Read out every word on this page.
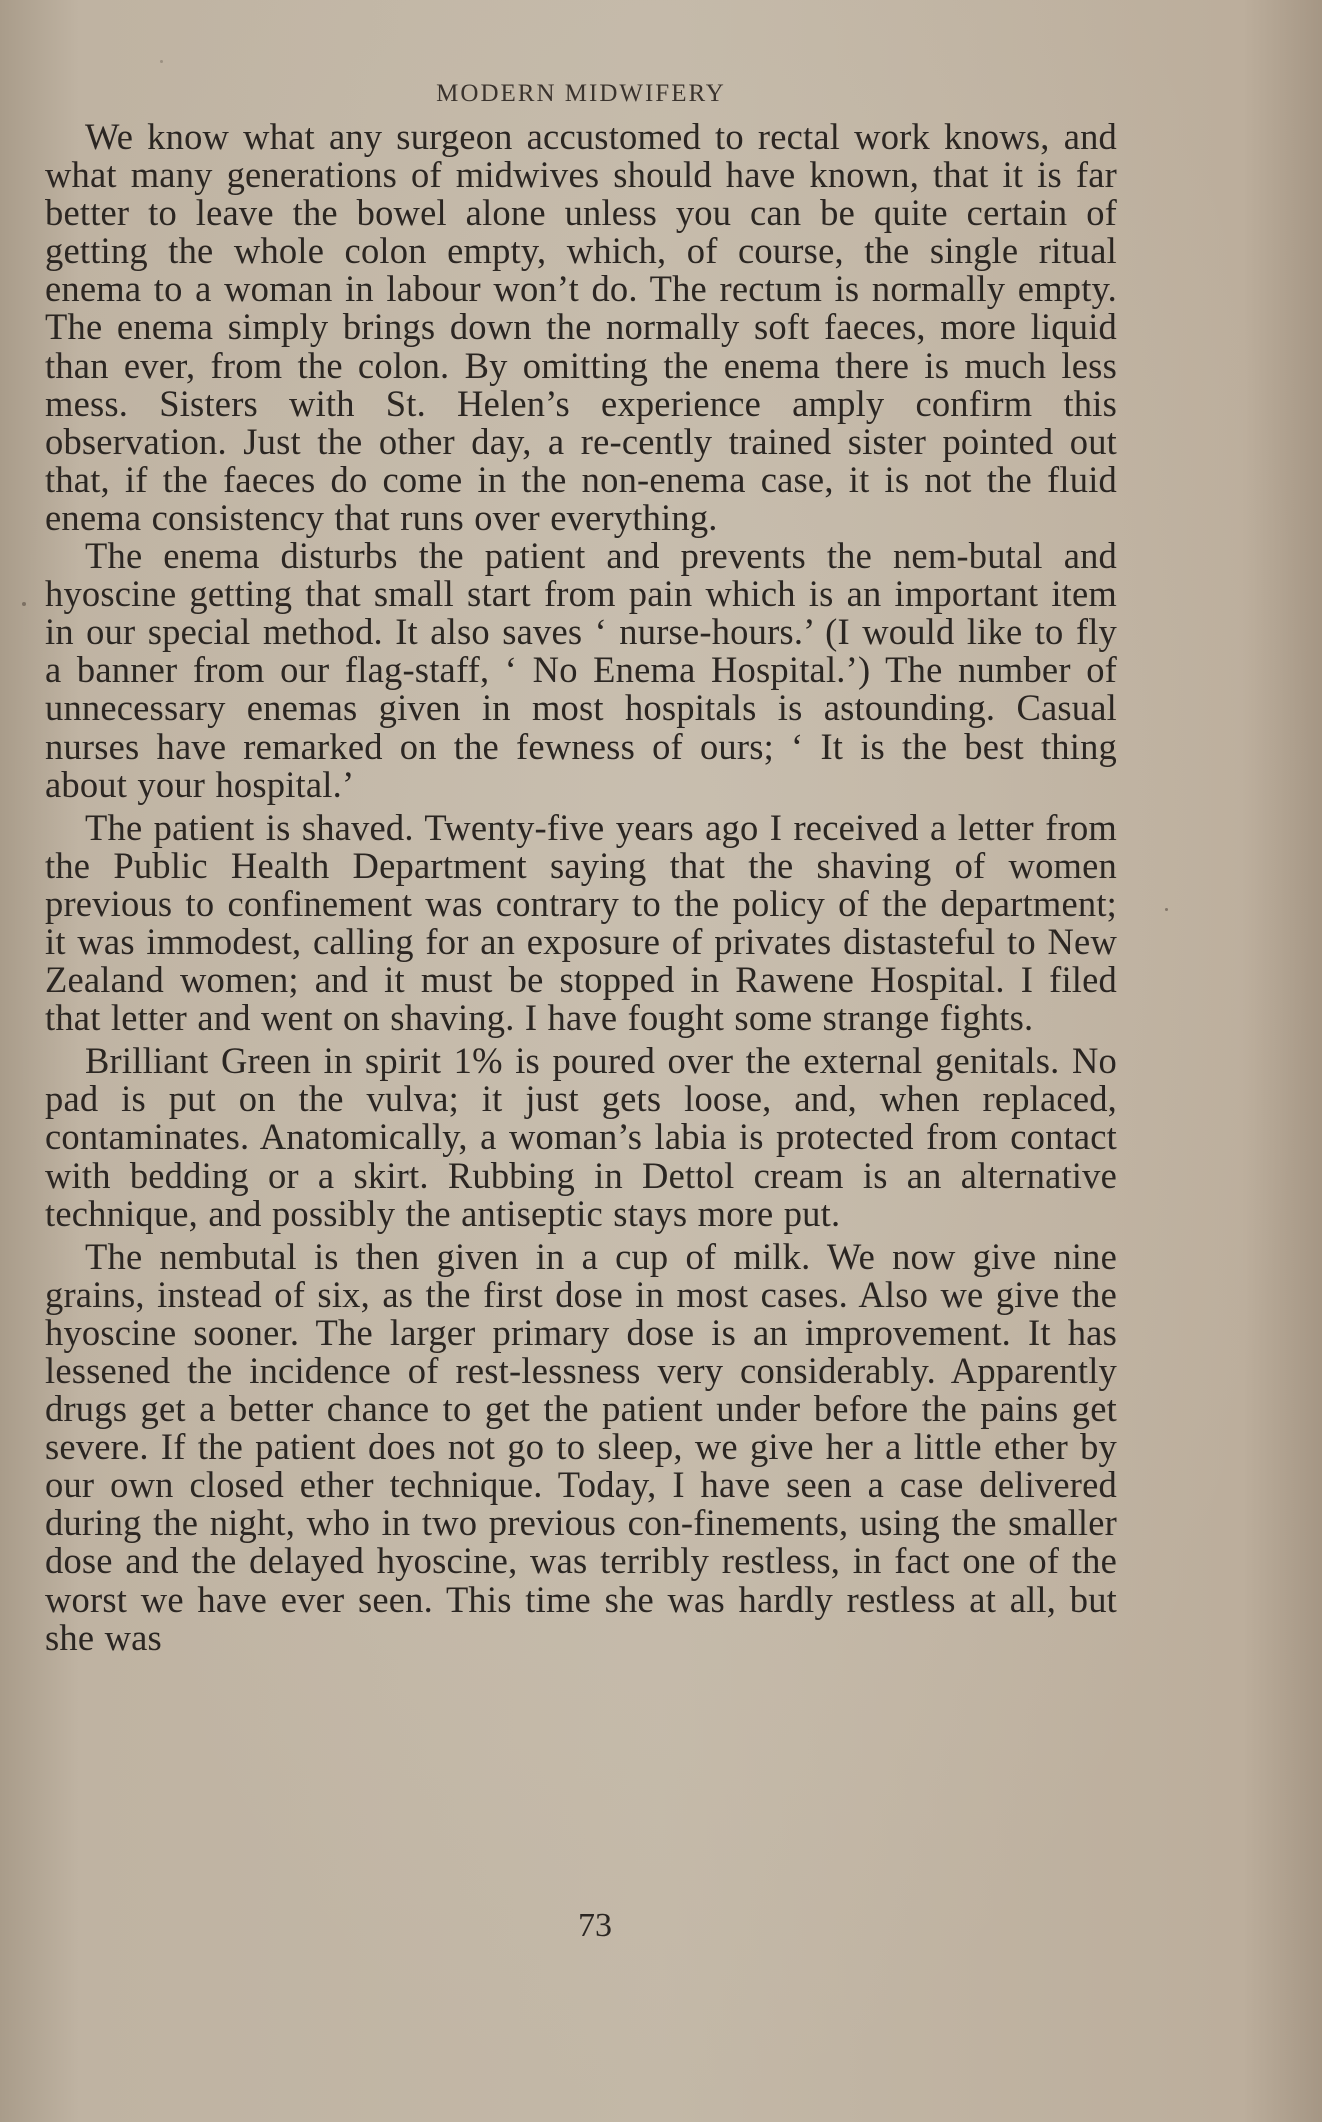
MODERN MIDWIFERY

We know what any surgeon accustomed to rectal work knows, and what many generations of midwives should have known, that it is far better to leave the bowel alone unless you can be quite certain of getting the whole colon empty, which, of course, the single ritual enema to a woman in labour won’t do. The rectum is normally empty. The enema simply brings down the normally soft faeces, more liquid than ever, from the colon. By omitting the enema there is much less mess. Sisters with St. Helen’s experience amply confirm this observation. Just the other day, a re-cently trained sister pointed out that, if the faeces do come in the non-enema case, it is not the fluid enema consistency that runs over everything.

The enema disturbs the patient and prevents the nem-butal and hyoscine getting that small start from pain which is an important item in our special method. It also saves ‘ nurse-hours.’ (I would like to fly a banner from our flag-staff, ‘ No Enema Hospital.’) The number of unnecessary enemas given in most hospitals is astounding. Casual nurses have remarked on the fewness of ours; ‘ It is the best thing about your hospital.’

The patient is shaved. Twenty-five years ago I received a letter from the Public Health Department saying that the shaving of women previous to confinement was contrary to the policy of the department; it was immodest, calling for an exposure of privates distasteful to New Zealand women; and it must be stopped in Rawene Hospital. I filed that letter and went on shaving. I have fought some strange fights.

Brilliant Green in spirit 1% is poured over the external genitals. No pad is put on the vulva; it just gets loose, and, when replaced, contaminates. Anatomically, a woman’s labia is protected from contact with bedding or a skirt. Rubbing in Dettol cream is an alternative technique, and possibly the antiseptic stays more put.

The nembutal is then given in a cup of milk. We now give nine grains, instead of six, as the first dose in most cases. Also we give the hyoscine sooner. The larger primary dose is an improvement. It has lessened the incidence of rest-lessness very considerably. Apparently drugs get a better chance to get the patient under before the pains get severe. If the patient does not go to sleep, we give her a little ether by our own closed ether technique. Today, I have seen a case delivered during the night, who in two previous con-finements, using the smaller dose and the delayed hyoscine, was terribly restless, in fact one of the worst we have ever seen. This time she was hardly restless at all, but she was

73
